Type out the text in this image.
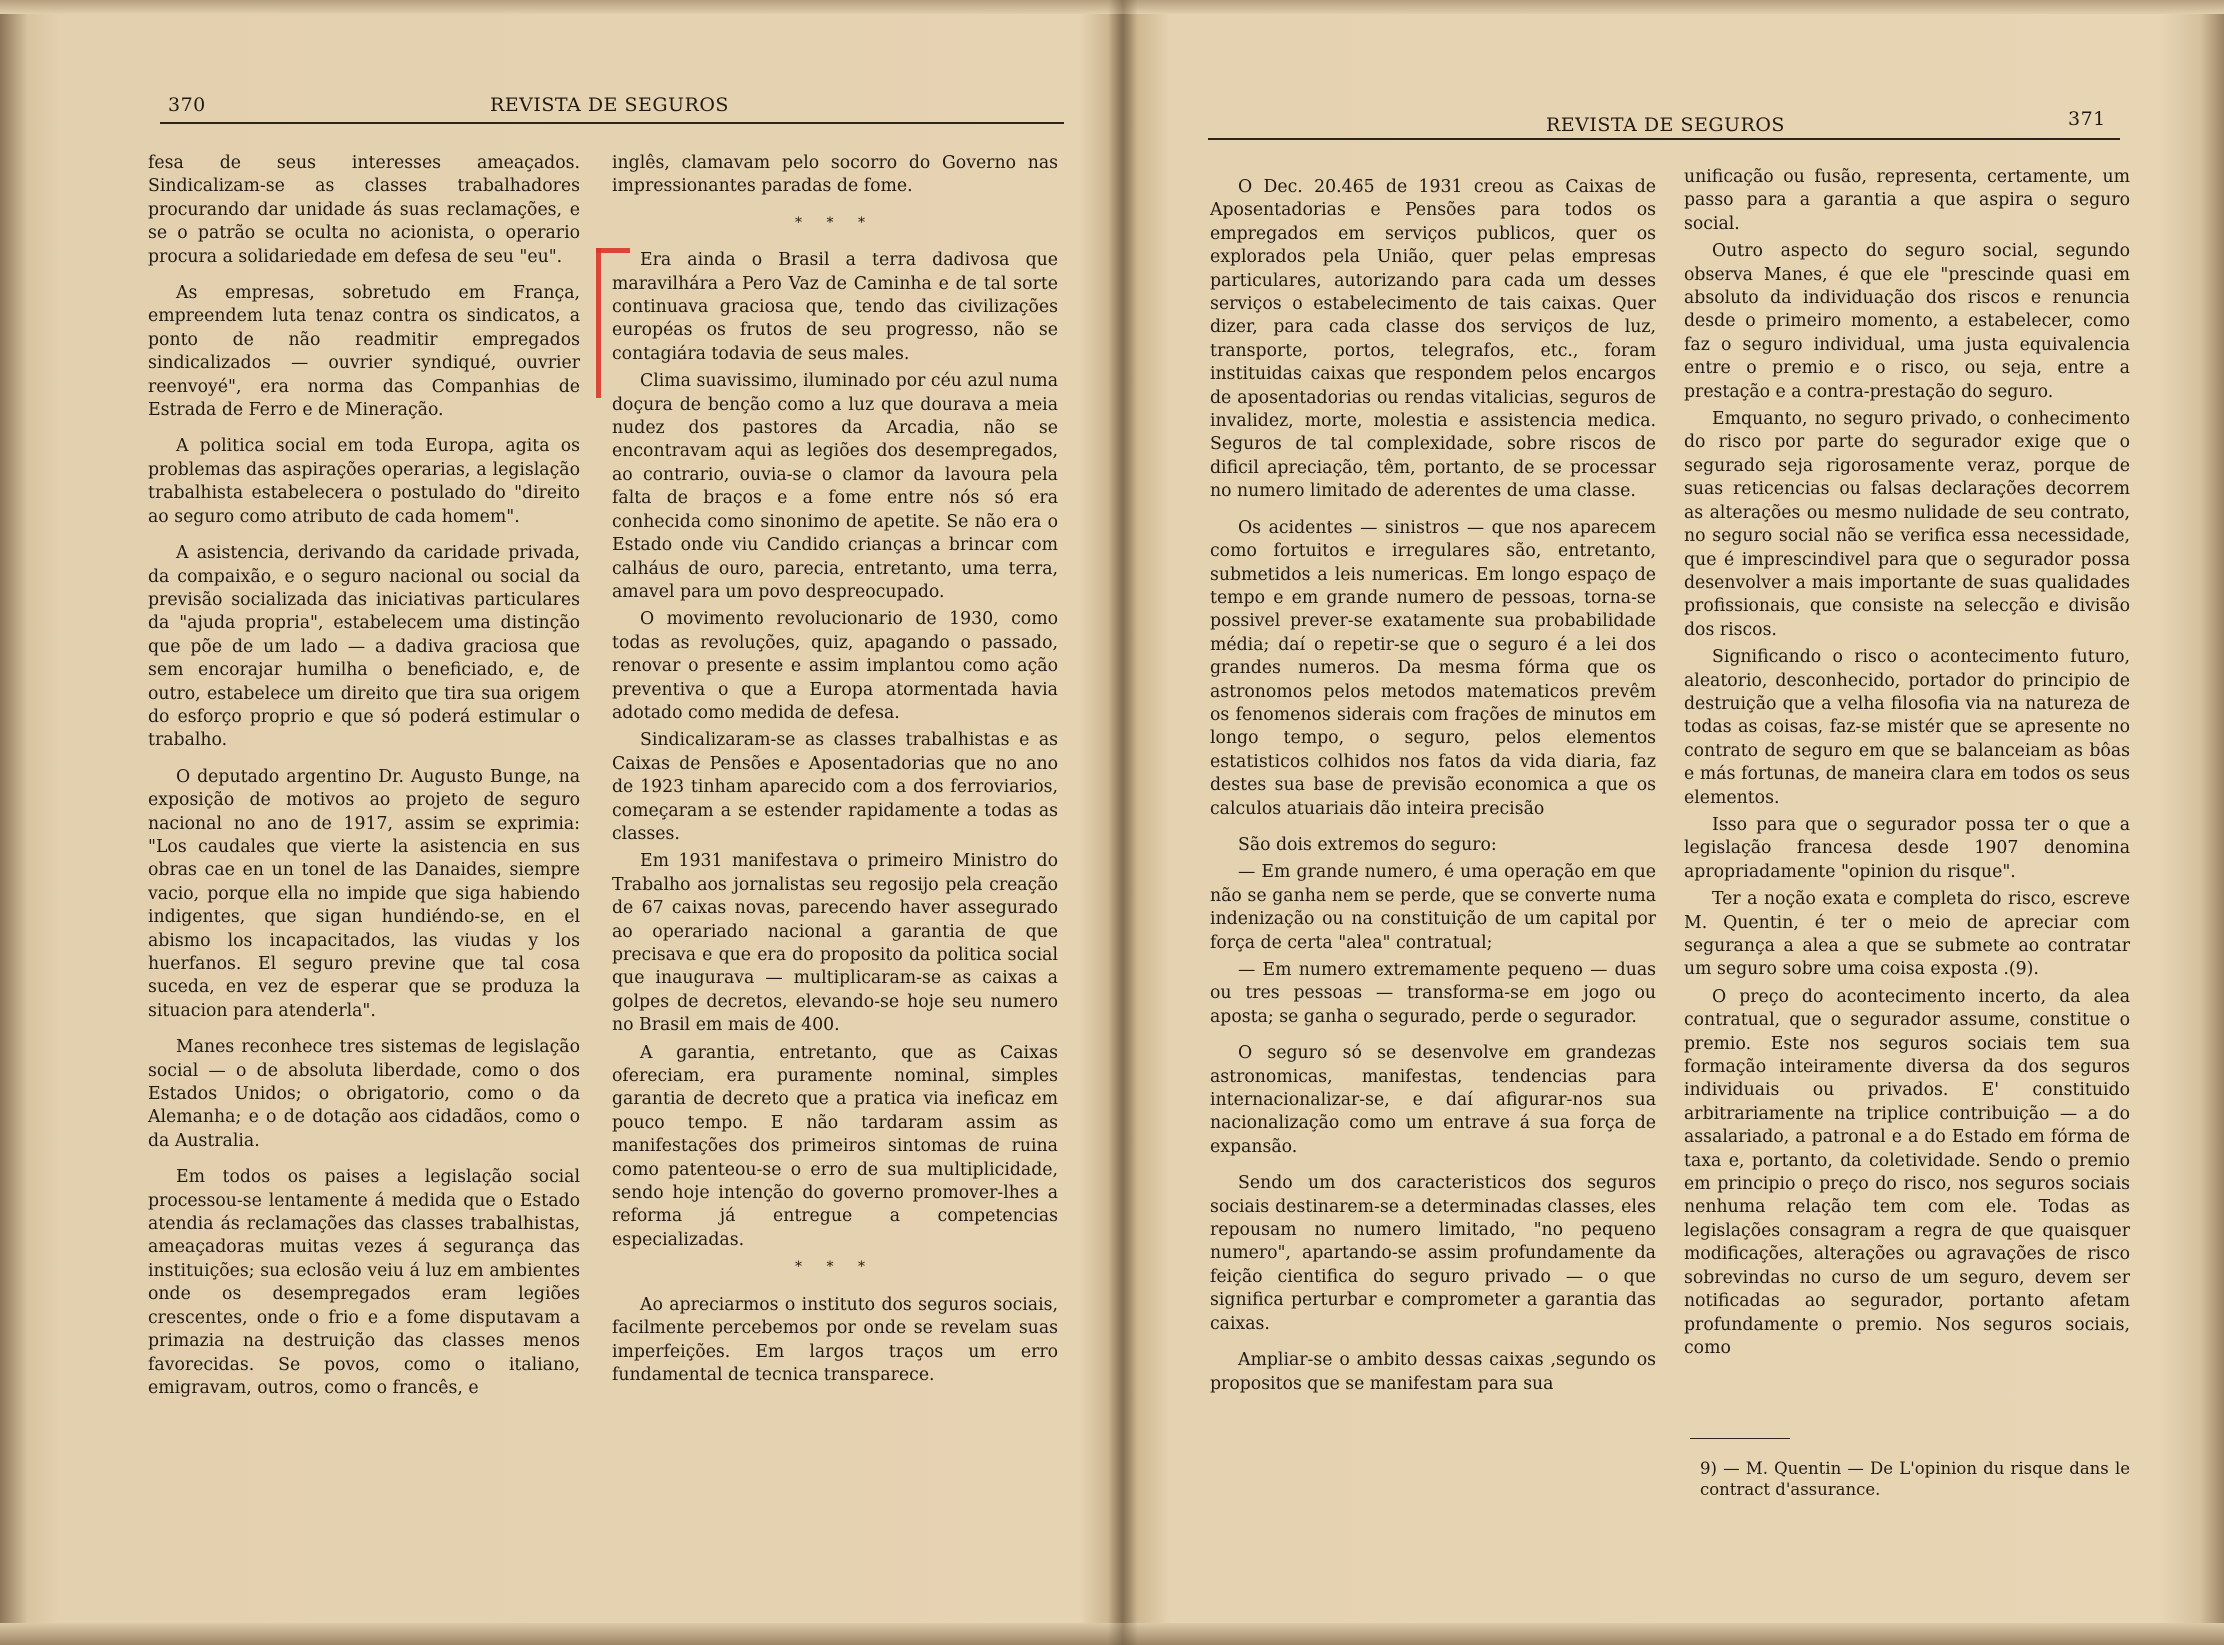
370	REVISTA DE SEGUROS
REVISTA DE SEGUROS	371

fesa de seus interesses ameaçados. Sindicalizam-se as classes trabalhadores procurando dar unidade ás suas reclamações, e se o patrão se oculta no acionista, o operario procura a solidariedade em defesa de seu "eu".

As empresas, sobretudo em França, empreendem luta tenaz contra os sindicatos, a ponto de não readmitir empregados sindicalizados — ouvrier syndiqué, ouvrier reenvoyé", era norma das Companhias de Estrada de Ferro e de Mineração.

A politica social em toda Europa, agita os problemas das aspirações operarias, a legislação trabalhista estabelecera o postulado do "direito ao seguro como atributo de cada homem".

A asistencia, derivando da caridade privada, da compaixão, e o seguro nacional ou social da previsão socializada das iniciativas particulares da "ajuda propria", estabelecem uma distinção que põe de um lado — a dadiva graciosa que sem encorajar humilha o beneficiado, e, de outro, estabelece um direito que tira sua origem do esforço proprio e que só poderá estimular o trabalho.

O deputado argentino Dr. Augusto Bunge, na exposição de motivos ao projeto de seguro nacional no ano de 1917, assim se exprimia: "Los caudales que vierte la asistencia en sus obras cae en un tonel de las Danaides, siempre vacio, porque ella no impide que siga habiendo indigentes, que sigan hundiéndo-se, en el abismo los incapacitados, las viudas y los huerfanos. El seguro previne que tal cosa suceda, en vez de esperar que se produza la situacion para atenderla".

Manes reconhece tres sistemas de legislação social — o de absoluta liberdade, como o dos Estados Unidos; o obrigatorio, como o da Alemanha; e o de dotação aos cidadãos, como o da Australia.

Em todos os paises a legislação social processou-se lentamente á medida que o Estado atendia ás reclamações das classes trabalhistas, ameaçadoras muitas vezes á segurança das instituições; sua eclosão veiu á luz em ambientes onde os desempregados eram legiões crescentes, onde o frio e a fome disputavam a primazia na destruição das classes menos favorecidas. Se povos, como o italiano, emigravam, outros, como o francês, e

inglês, clamavam pelo socorro do Governo nas impressionantes paradas de fome.

* * *

Era ainda o Brasil a terra dadivosa que maravilhára a Pero Vaz de Caminha e de tal sorte continuava graciosa que, tendo das civilizações européas os frutos de seu progresso, não se contagiára todavia de seus males.

Clima suavissimo, iluminado por céu azul numa doçura de benção como a luz que dourava a meia nudez dos pastores da Arcadia, não se encontravam aqui as legiões dos desempregados, ao contrario, ouvia-se o clamor da lavoura pela falta de braços e a fome entre nós só era conhecida como sinonimo de apetite. Se não era o Estado onde viu Candido crianças a brincar com calháus de ouro, parecia, entretanto, uma terra, amavel para um povo despreocupado.

O movimento revolucionario de 1930, como todas as revoluções, quiz, apagando o passado, renovar o presente e assim implantou como ação preventiva o que a Europa atormentada havia adotado como medida de defesa.

Sindicalizaram-se as classes trabalhistas e as Caixas de Pensões e Aposentadorias que no ano de 1923 tinham aparecido com a dos ferroviarios, começaram a se estender rapidamente a todas as classes.

Em 1931 manifestava o primeiro Ministro do Trabalho aos jornalistas seu regosijo pela creação de 67 caixas novas, parecendo haver assegurado ao operariado nacional a garantia de que precisava e que era do proposito da politica social que inaugurava — multiplicaram-se as caixas a golpes de decretos, elevando-se hoje seu numero no Brasil em mais de 400.

A garantia, entretanto, que as Caixas ofereciam, era puramente nominal, simples garantia de decreto que a pratica via ineficaz em pouco tempo. E não tardaram assim as manifestações dos primeiros sintomas de ruina como patenteou-se o erro de sua multiplicidade, sendo hoje intenção do governo promover-lhes a reforma já entregue a competencias especializadas.

* * *

Ao apreciarmos o instituto dos seguros sociais, facilmente percebemos por onde se revelam suas imperfeições. Em largos traços um erro fundamental de tecnica transparece.

O Dec. 20.465 de 1931 creou as Caixas de Aposentadorias e Pensões para todos os empregados em serviços publicos, quer os explorados pela União, quer pelas empresas particulares, autorizando para cada um desses serviços o estabelecimento de tais caixas. Quer dizer, para cada classe dos serviços de luz, transporte, portos, telegrafos, etc., foram instituidas caixas que respondem pelos encargos de aposentadorias ou rendas vitalicias, seguros de invalidez, morte, molestia e assistencia medica. Seguros de tal complexidade, sobre riscos de dificil apreciação, têm, portanto, de se processar no numero limitado de aderentes de uma classe.

Os acidentes — sinistros — que nos aparecem como fortuitos e irregulares são, entretanto, submetidos a leis numericas. Em longo espaço de tempo e em grande numero de pessoas, torna-se possivel prever-se exatamente sua probabilidade média; daí o repetir-se que o seguro é a lei dos grandes numeros. Da mesma fórma que os astronomos pelos metodos matematicos prevêm os fenomenos siderais com frações de minutos em longo tempo, o seguro, pelos elementos estatisticos colhidos nos fatos da vida diaria, faz destes sua base de previsão economica a que os calculos atuariais dão inteira precisão

São dois extremos do seguro:

— Em grande numero, é uma operação em que não se ganha nem se perde, que se converte numa indenização ou na constituição de um capital por força de certa "alea" contratual;

— Em numero extremamente pequeno — duas ou tres pessoas — transforma-se em jogo ou aposta; se ganha o segurado, perde o segurador.

O seguro só se desenvolve em grandezas astronomicas, manifestas, tendencias para internacionalizar-se, e daí afigurar-nos sua nacionalização como um entrave á sua força de expansão.

Sendo um dos caracteristicos dos seguros sociais destinarem-se a determinadas classes, eles repousam no numero limitado, "no pequeno numero", apartando-se assim profundamente da feição cientifica do seguro privado — o que significa perturbar e comprometer a garantia das caixas.

Ampliar-se o ambito dessas caixas ,segundo os propositos que se manifestam para sua

unificação ou fusão, representa, certamente, um passo para a garantia a que aspira o seguro social.

Outro aspecto do seguro social, segundo observa Manes, é que ele "prescinde quasi em absoluto da individuação dos riscos e renuncia desde o primeiro momento, a estabelecer, como faz o seguro individual, uma justa equivalencia entre o premio e o risco, ou seja, entre a prestação e a contra-prestação do seguro.

Emquanto, no seguro privado, o conhecimento do risco por parte do segurador exige que o segurado seja rigorosamente veraz, porque de suas reticencias ou falsas declarações decorrem as alterações ou mesmo nulidade de seu contrato, no seguro social não se verifica essa necessidade, que é imprescindivel para que o segurador possa desenvolver a mais importante de suas qualidades profissionais, que consiste na selecção e divisão dos riscos.

Significando o risco o acontecimento futuro, aleatorio, desconhecido, portador do principio de destruição que a velha filosofia via na natureza de todas as coisas, faz-se mistér que se apresente no contrato de seguro em que se balanceiam as bôas e más fortunas, de maneira clara em todos os seus elementos.

Isso para que o segurador possa ter o que a legislação francesa desde 1907 denomina apropriadamente "opinion du risque".

Ter a noção exata e completa do risco, escreve M. Quentin, é ter o meio de apreciar com segurança a alea a que se submete ao contratar um seguro sobre uma coisa exposta .(9).

O preço do acontecimento incerto, da alea contratual, que o segurador assume, constitue o premio. Este nos seguros sociais tem sua formação inteiramente diversa da dos seguros individuais ou privados. E' constituido arbitrariamente na triplice contribuição — a do assalariado, a patronal e a do Estado em fórma de taxa e, portanto, da coletividade. Sendo o premio em principio o preço do risco, nos seguros sociais nenhuma relação tem com ele. Todas as legislações consagram a regra de que quaisquer modificações, alterações ou agravações de risco sobrevindas no curso de um seguro, devem ser notificadas ao segurador, portanto afetam profundamente o premio. Nos seguros sociais, como

9) — M. Quentin — De L'opinion du risque dans le contract d'assurance.
